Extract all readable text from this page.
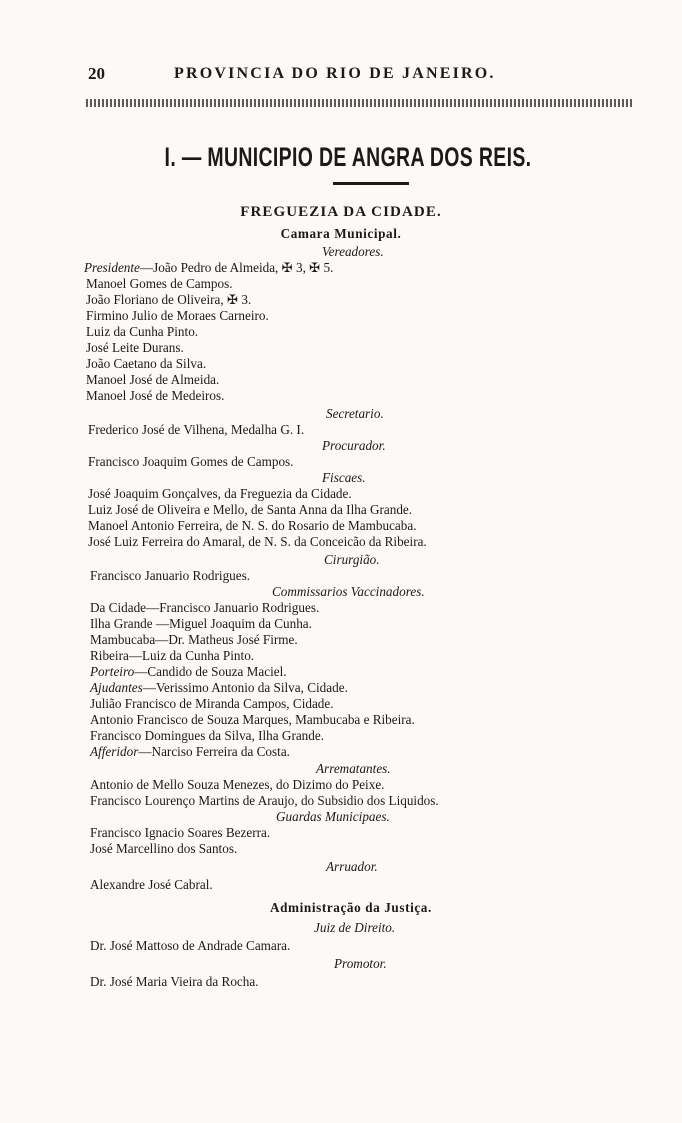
20	PROVINCIA DO RIO DE JANEIRO.
I. — MUNICIPIO DE ANGRA DOS REIS.
FREGUEZIA DA CIDADE.
Camara Municipal.
Vereadores.
Presidente—João Pedro de Almeida, ✠ 3, ✠ 5.
Manoel Gomes de Campos.
João Floriano de Oliveira, ✠ 3.
Firmino Julio de Moraes Carneiro.
Luiz da Cunha Pinto.
José Leite Durans.
João Caetano da Silva.
Manoel José de Almeida.
Manoel José de Medeiros.
Secretario.
Frederico José de Vilhena, Medalha G. I.
Procurador.
Francisco Joaquim Gomes de Campos.
Fiscaes.
José Joaquim Gonçalves, da Freguezia da Cidade.
Luiz José de Oliveira e Mello, de Santa Anna da Ilha Grande.
Manoel Antonio Ferreira, de N. S. do Rosario de Mambucaba.
José Luiz Ferreira do Amaral, de N. S. da Conceicão da Ribeira.
Cirurgião.
Francisco Januario Rodrigues.
Commissarios Vaccinadores.
Da Cidade—Francisco Januario Rodrigues.
Ilha Grande —Miguel Joaquim da Cunha.
Mambucaba—Dr. Matheus José Firme.
Ribeira—Luiz da Cunha Pinto.
Porteiro—Candido de Souza Maciel.
Ajudantes—Verissimo Antonio da Silva, Cidade.
Julião Francisco de Miranda Campos, Cidade.
Antonio Francisco de Souza Marques, Mambucaba e Ribeira.
Francisco Domingues da Silva, Ilha Grande.
Afferidor—Narciso Ferreira da Costa.
Arrematantes.
Antonio de Mello Souza Menezes, do Dizimo do Peixe.
Francisco Lourenço Martins de Araujo, do Subsidio dos Liquidos.
Guardas Municipaes.
Francisco Ignacio Soares Bezerra.
José Marcellino dos Santos.
Arruador.
Alexandre José Cabral.
Administração da Justiça.
Juiz de Direito.
Dr. José Mattoso de Andrade Camara.
Promotor.
Dr. José Maria Vieira da Rocha.
